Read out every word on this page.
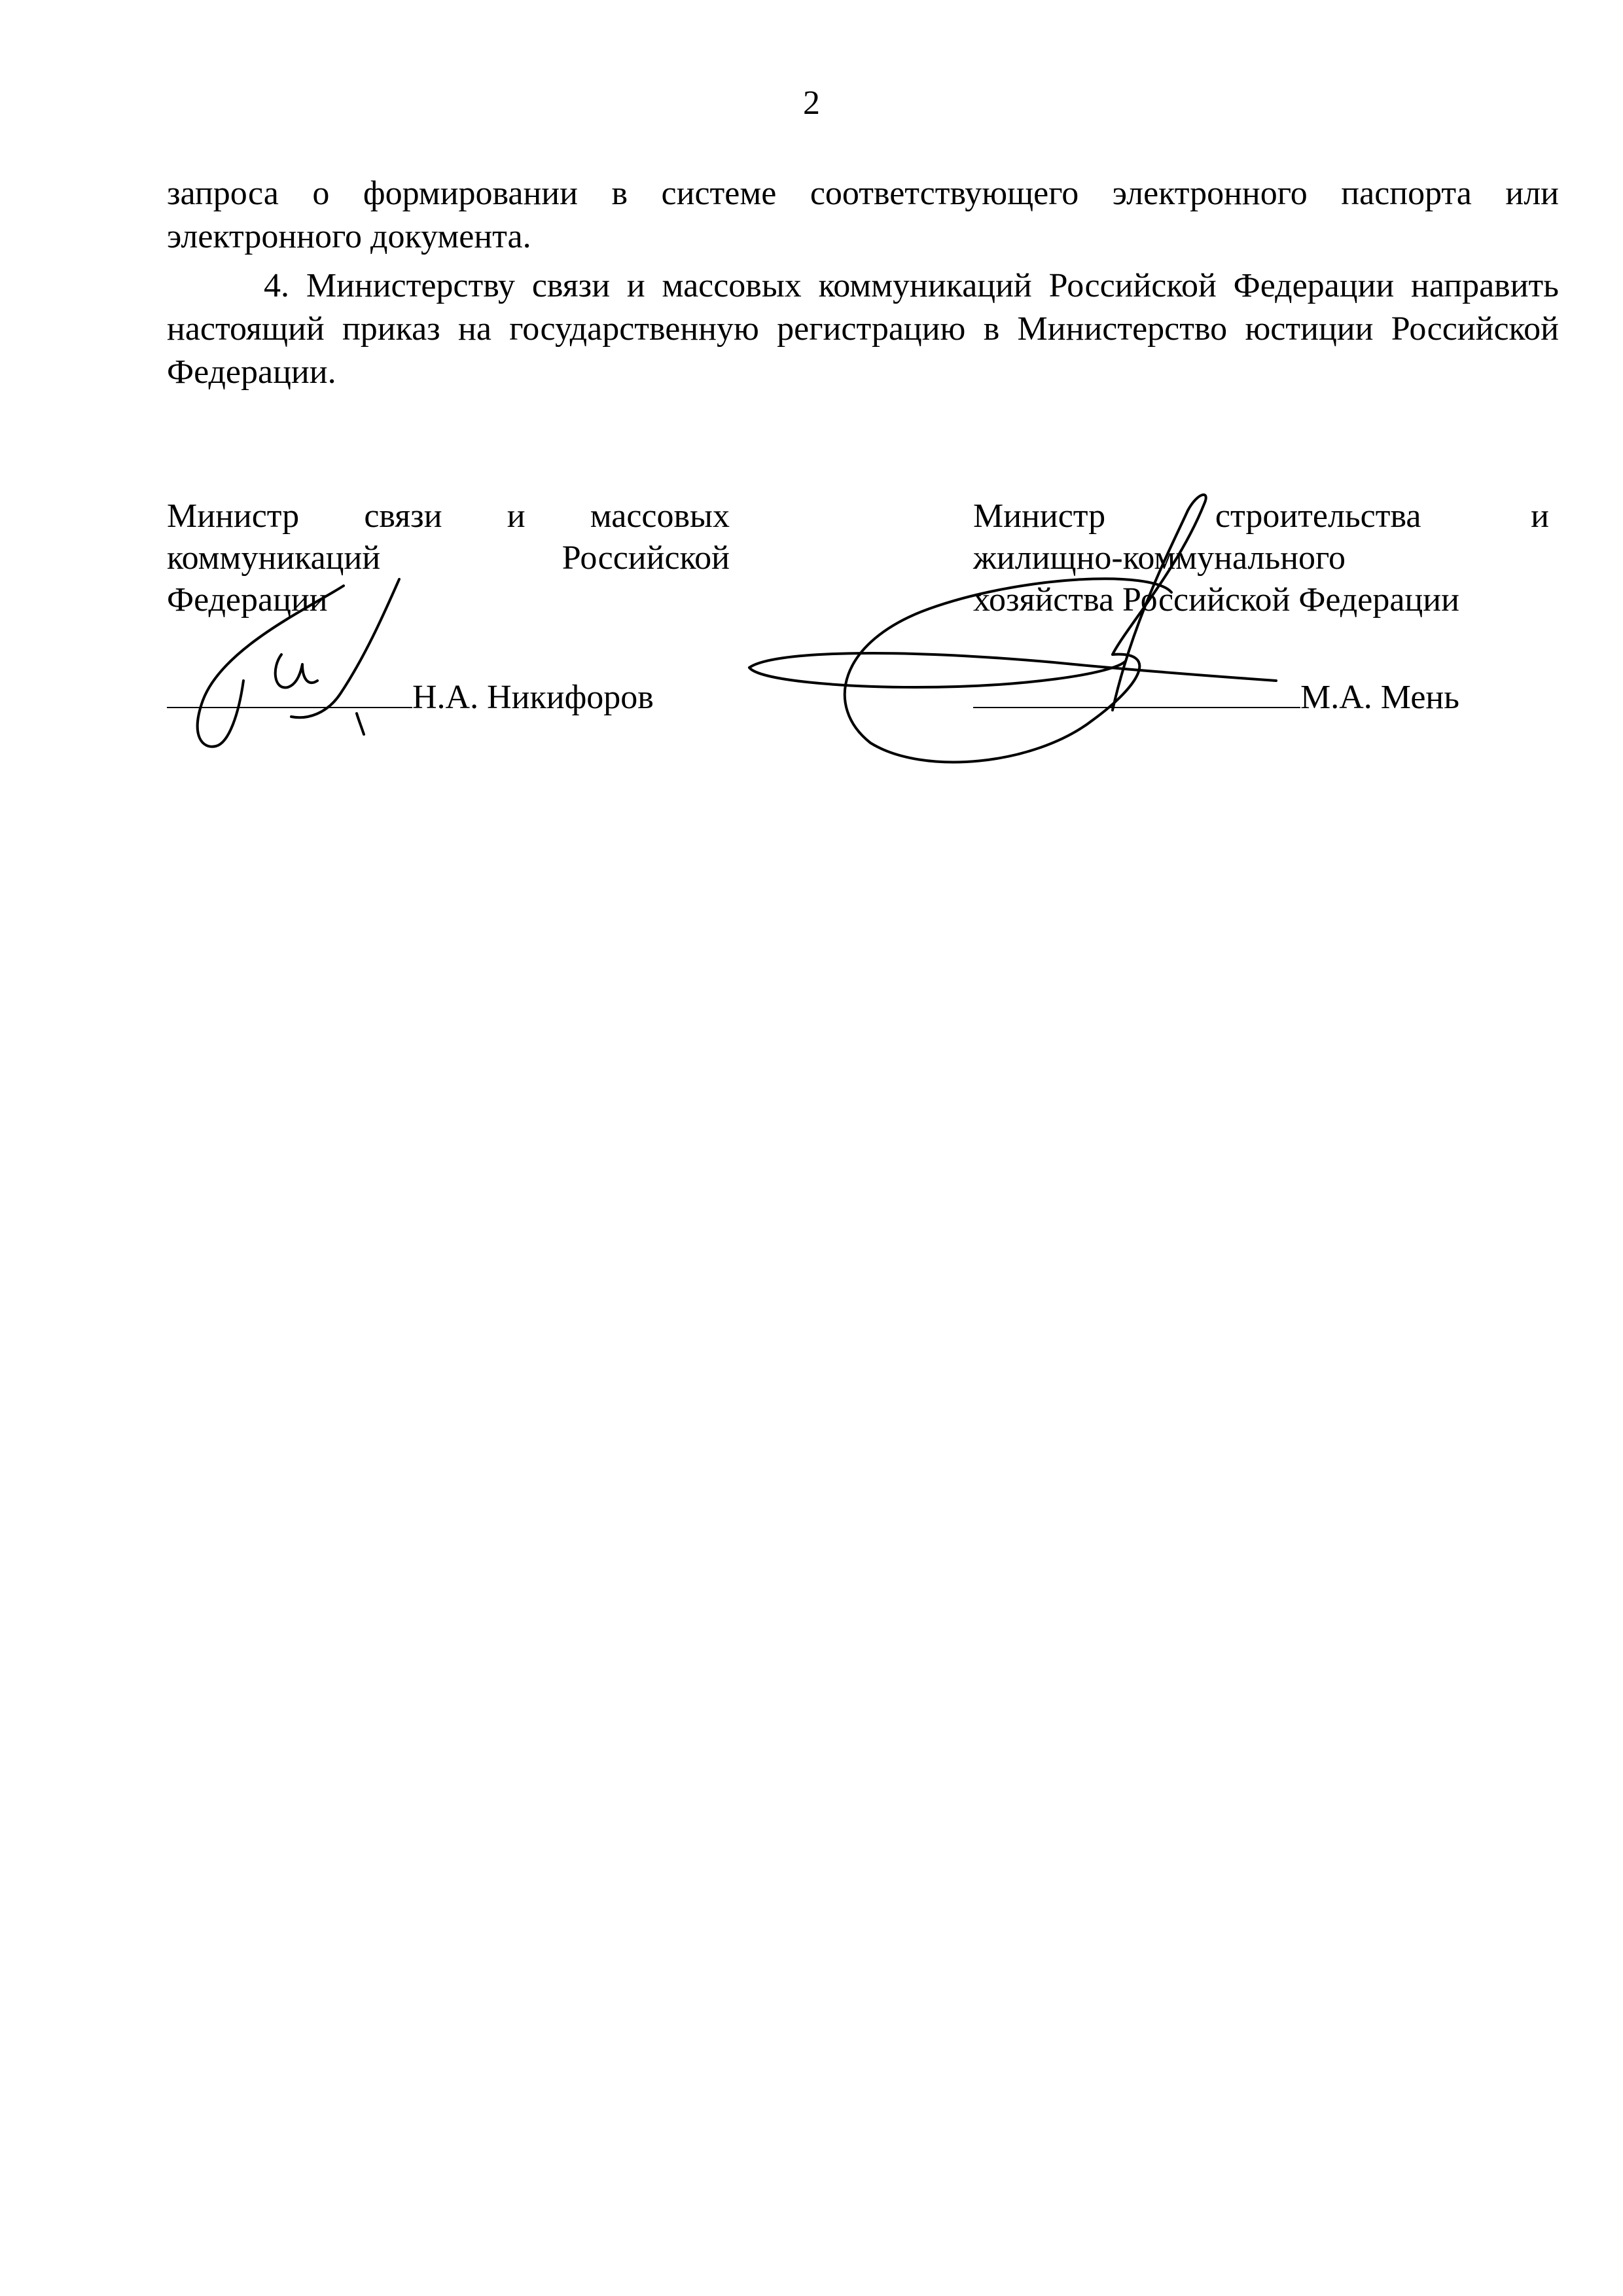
2

запроса о формировании в системе соответствующего электронного паспорта или электронного документа.

4. Министерству связи и массовых коммуникаций Российской Федерации направить настоящий приказ на государственную регистрацию в Министерство юстиции Российской Федерации.

Министр связи и массовых
коммуникаций Российской
Федерации
Министр строительства и
жилищно-коммунального
хозяйства Российской Федерации
Н.А. Никифоров	М.А. Мень
